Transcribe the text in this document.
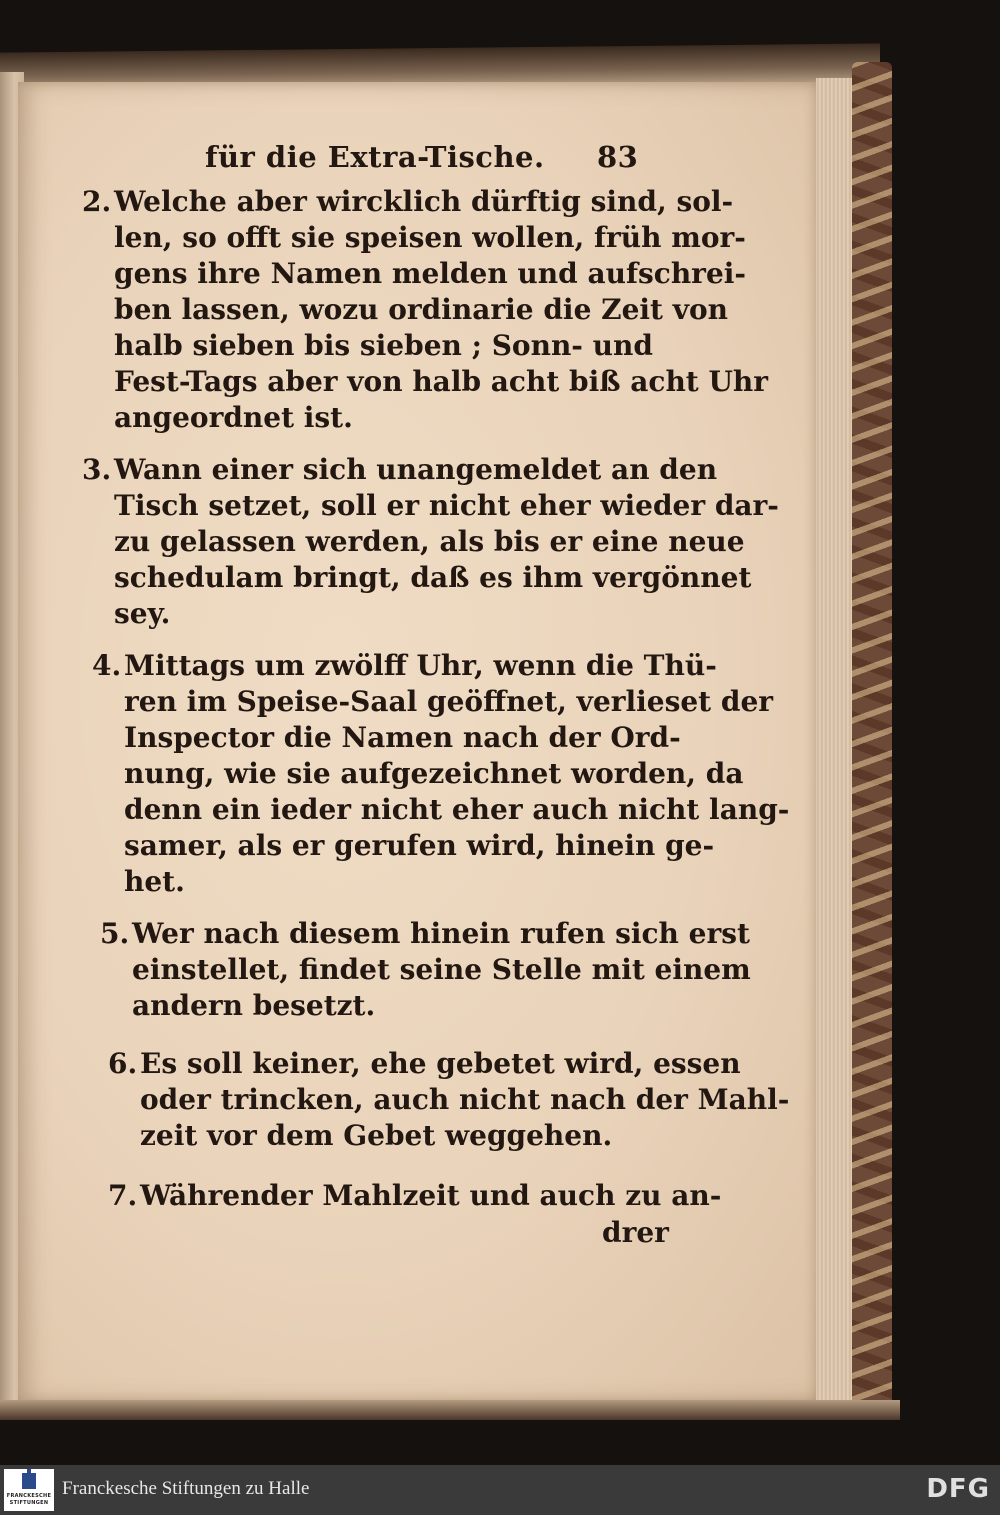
für die Extra-Tische. 83
2. Welche aber wircklich dürftig sind, sol-
len, so offt sie speisen wollen, früh mor-
gens ihre Namen melden und aufschrei-
ben lassen, wozu ordinarie die Zeit von
halb sieben bis sieben ; Sonn- und
Fest-Tags aber von halb acht biß acht Uhr
angeordnet ist.
3. Wann einer sich unangemeldet an den
Tisch setzet, soll er nicht eher wieder dar-
zu gelassen werden, als bis er eine neue
schedulam bringt, daß es ihm vergönnet
sey.
4. Mittags um zwölff Uhr, wenn die Thü-
ren im Speise-Saal geöffnet, verlieset der
Inspector die Namen nach der Ord-
nung, wie sie aufgezeichnet worden, da
denn ein ieder nicht eher auch nicht lang-
samer, als er gerufen wird, hinein ge-
het.
5. Wer nach diesem hinein rufen sich erst
einstellet, findet seine Stelle mit einem
andern besetzt.
6. Es soll keiner, ehe gebetet wird, essen
oder trincken, auch nicht nach der Mahl-
zeit vor dem Gebet weggehen.
7. Währender Mahlzeit und auch zu an-
drer
FRANCKESCHE
STIFTUNGEN
Franckesche Stiftungen zu Halle	DFG
